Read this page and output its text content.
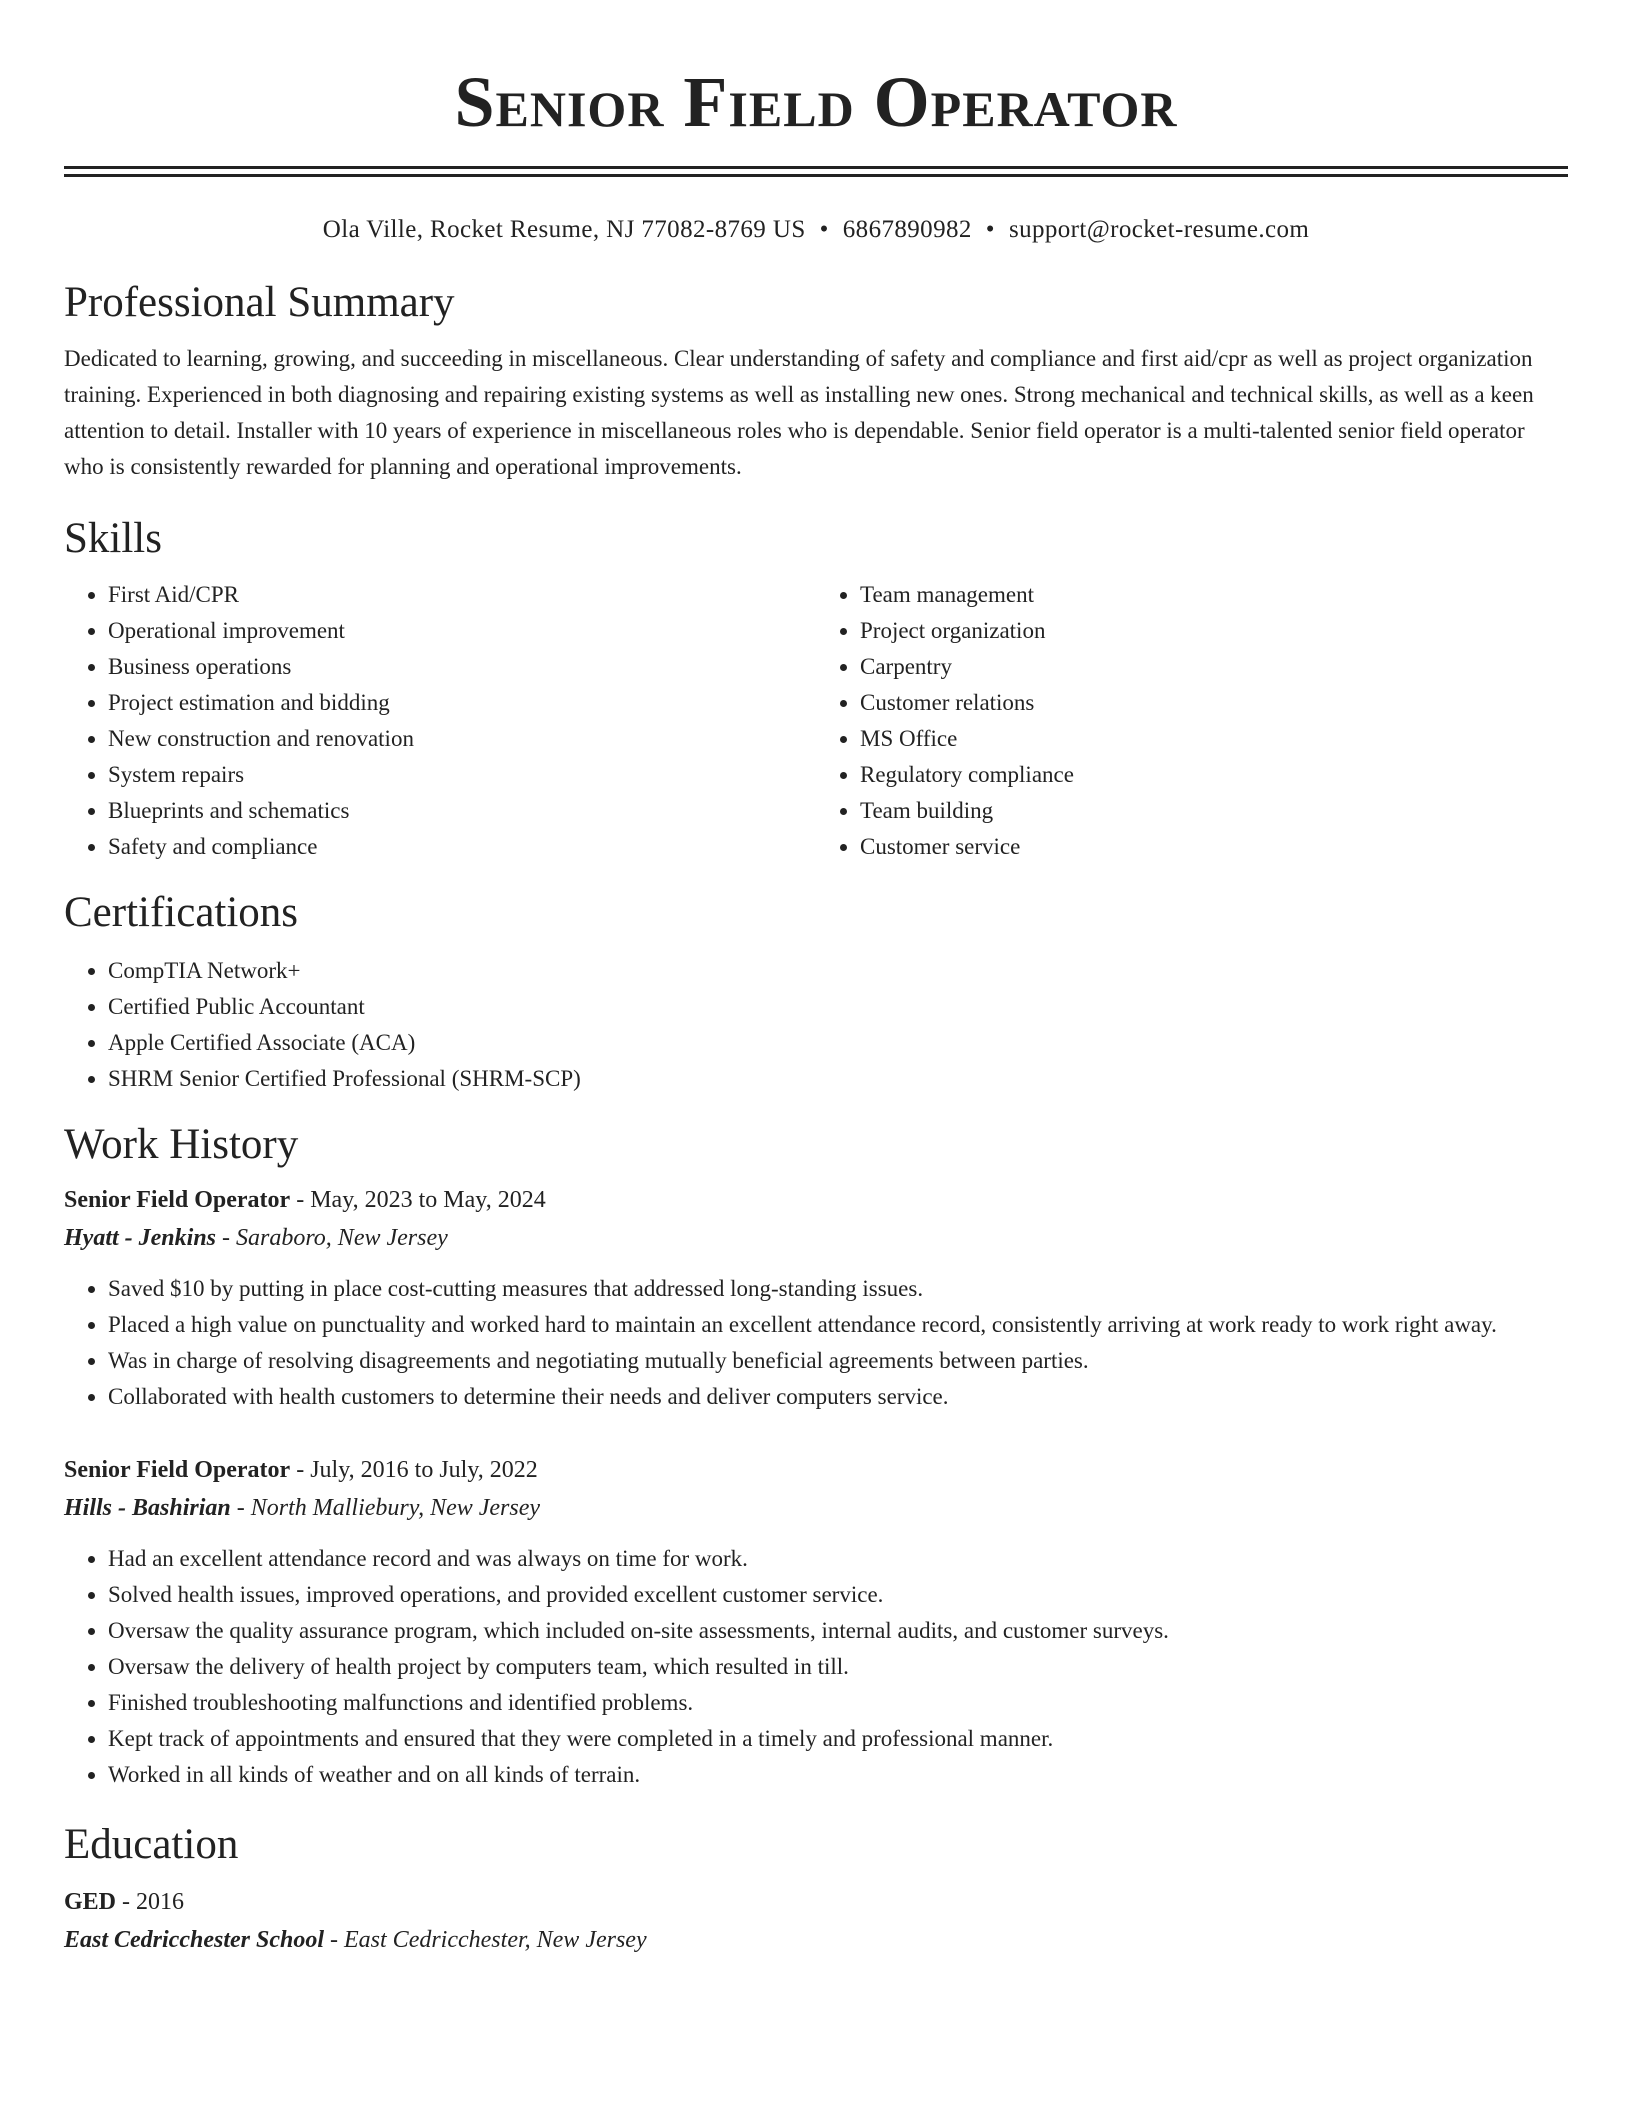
Senior Field Operator
Ola Ville, Rocket Resume, NJ 77082-8769 US • 6867890982 • support@rocket-resume.com
Professional Summary

Dedicated to learning, growing, and succeeding in miscellaneous. Clear understanding of safety and compliance and first aid/cpr as well as project organization training. Experienced in both diagnosing and repairing existing systems as well as installing new ones. Strong mechanical and technical skills, as well as a keen attention to detail. Installer with 10 years of experience in miscellaneous roles who is dependable. Senior field operator is a multi-talented senior field operator who is consistently rewarded for planning and operational improvements.

Skills
• First Aid/CPR
• Operational improvement
• Business operations
• Project estimation and bidding
• New construction and renovation
• System repairs
• Blueprints and schematics
• Safety and compliance
• Team management
• Project organization
• Carpentry
• Customer relations
• MS Office
• Regulatory compliance
• Team building
• Customer service
Certifications
• CompTIA Network+
• Certified Public Accountant
• Apple Certified Associate (ACA)
• SHRM Senior Certified Professional (SHRM-SCP)
Work History
Senior Field Operator - May, 2023 to May, 2024
Hyatt - Jenkins - Saraboro, New Jersey
• Saved $10 by putting in place cost-cutting measures that addressed long-standing issues.
• Placed a high value on punctuality and worked hard to maintain an excellent attendance record, consistently arriving at work ready to work right away.
• Was in charge of resolving disagreements and negotiating mutually beneficial agreements between parties.
• Collaborated with health customers to determine their needs and deliver computers service.
Senior Field Operator - July, 2016 to July, 2022
Hills - Bashirian - North Malliebury, New Jersey
• Had an excellent attendance record and was always on time for work.
• Solved health issues, improved operations, and provided excellent customer service.
• Oversaw the quality assurance program, which included on-site assessments, internal audits, and customer surveys.
• Oversaw the delivery of health project by computers team, which resulted in till.
• Finished troubleshooting malfunctions and identified problems.
• Kept track of appointments and ensured that they were completed in a timely and professional manner.
• Worked in all kinds of weather and on all kinds of terrain.
Education
GED - 2016
East Cedricchester School - East Cedricchester, New Jersey
